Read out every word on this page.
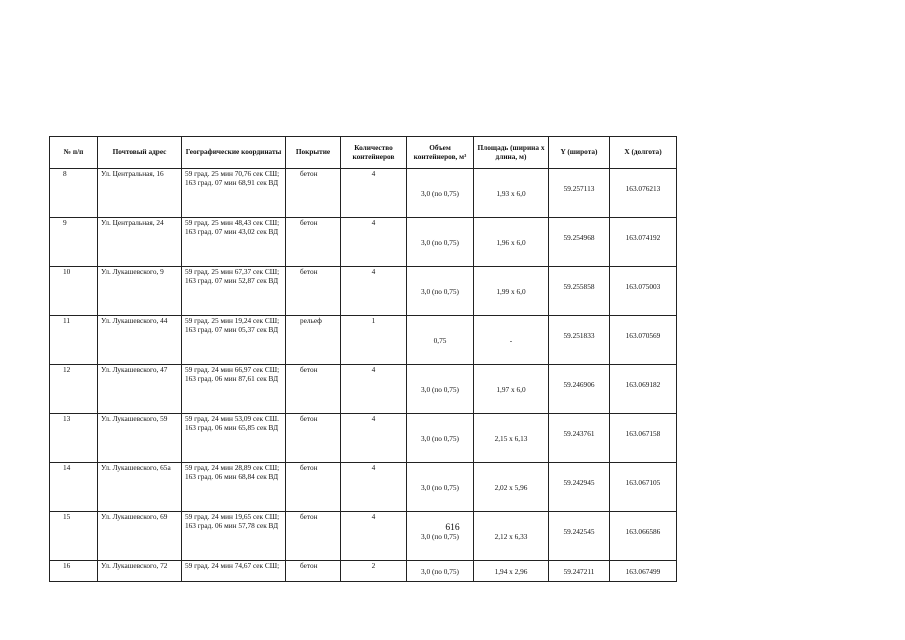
№ п/п	Почтовый адрес	Географические координаты	Покрытие	Количество контейнеров	Объем контейнеров, м³	Площадь (ширина х длина, м)	Y (широта)	X (долгота)
8	Ул. Центральная, 16	59 град. 25 мин 70,76 сек СШ;
163 град. 07 мин 68,91 сек ВД	бетон	4	3,0 (по 0,75)	1,93 х 6,0	59.257113	163.076213
9	Ул. Центральная, 24	59 град. 25 мин 48,43 сек СШ;
163 град. 07 мин 43,02 сек ВД	бетон	4	3,0 (по 0,75)	1,96 х 6,0	59.254968	163.074192
10	Ул. Лукашевского, 9	59 град. 25 мин 67,37 сек СШ;
163 град. 07 мин 52,87 сек ВД	бетон	4	3,0 (по 0,75)	1,99 х 6,0	59.255858	163.075003
11	Ул. Лукашевского, 44	59 град. 25 мин 19,24 сек СШ;
163 град. 07 мин 05,37 сек ВД	рельеф	1	0,75	-	59.251833	163.070569
12	Ул. Лукашевского, 47	59 град. 24 мин 66,97 сек СШ;
163 град. 06 мин 87,61 сек ВД	бетон	4	3,0 (по 0,75)	1,97 х 6,0	59.246906	163.069182
13	Ул. Лукашевского, 59	59 град. 24 мин 53,09 сек СШ.
163 град. 06 мин 65,85 сек ВД	бетон	4	3,0 (по 0,75)	2,15 х 6,13	59.243761	163.067158
14	Ул. Лукашевского, 65а	59 град. 24 мин 28,89 сек СШ;
163 град. 06 мин 68,84 сек ВД	бетон	4	3,0 (по 0,75)	2,02 х 5,96	59.242945	163.067105
15	Ул. Лукашевского, 69	59 град. 24 мин 19,65 сек СШ;
163 град. 06 мин 57,78 сек ВД	бетон	4	3,0 (по 0,75)	2,12 х 6,33	59.242545	163.066586
16	Ул. Лукашевского, 72	59 град. 24 мин 74,67 сек СШ;	бетон	2	3,0 (по 0,75)	1,94 х 2,96	59.247211	163.067499
616
